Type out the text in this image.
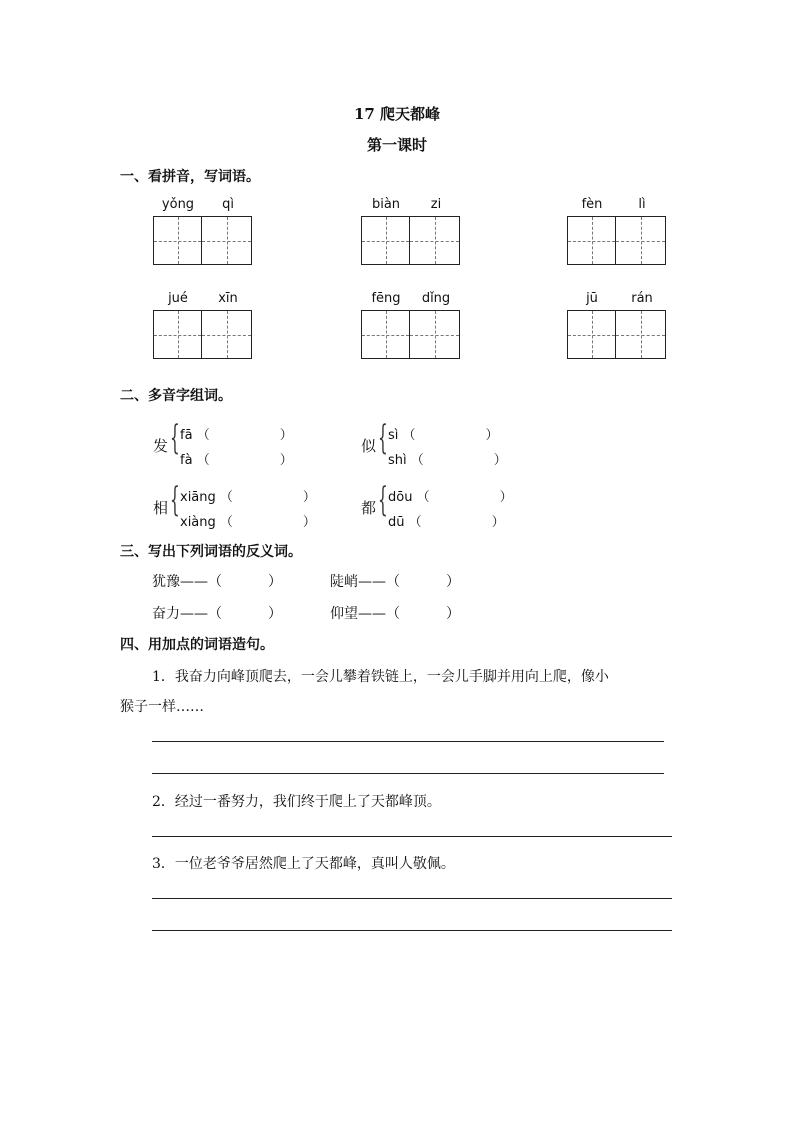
17 爬天都峰
第一课时
一、看拼音，写词语。
yǒng	qì	biàn	zi	fèn	lì
jué	xīn	fēng	dǐng	jū	rán
二、多音字组词。
发 { fā （	）
fà （	）
似 { sì （	）
shì （	）
相 { xiāng （	）
xiàng （	）
都 { dōu （	）
dū （	）
三、写出下列词语的反义词。
犹豫——（	）	陡峭——（	）
奋力——（	）	仰望——（	）
四、用加点的词语造句。
1．我奋力向峰顶爬去，一会儿攀着铁链上，一会儿手脚并用向上爬，像小
猴子一样……
2．经过一番努力，我们终于爬上了天都峰顶。
3．一位老爷爷居然爬上了天都峰，真叫人敬佩。
